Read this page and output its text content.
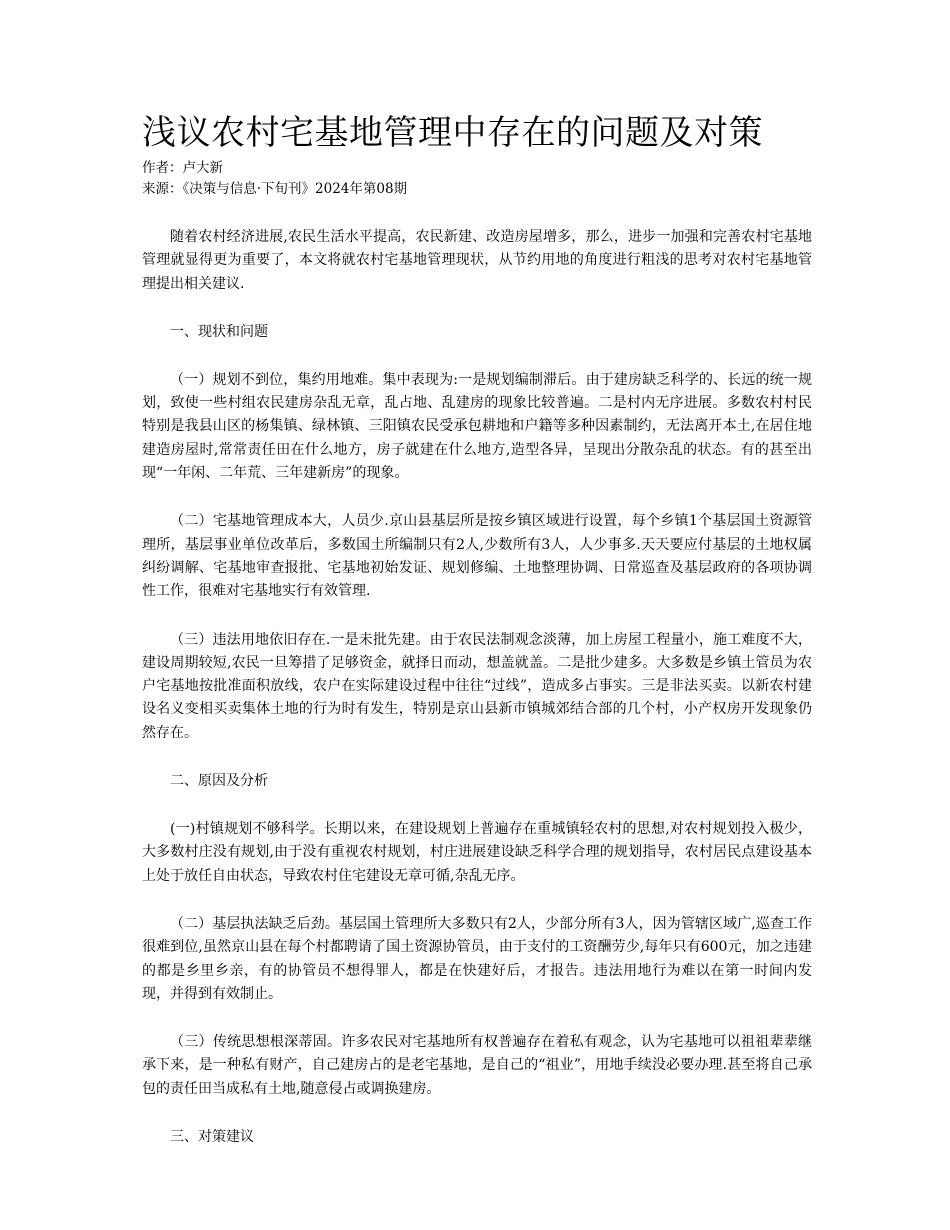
浅议农村宅基地管理中存在的问题及对策

作者：卢大新

来源：《决策与信息·下旬刊》2024年第08期

随着农村经济进展,农民生活水平提高，农民新建、改造房屋增多，那么，进步一加强和完善农村宅基地管理就显得更为重要了，本文将就农村宅基地管理现状，从节约用地的角度进行粗浅的思考对农村宅基地管理提出相关建议.

一、现状和问题

（一）规划不到位，集约用地难。集中表现为:一是规划编制滞后。由于建房缺乏科学的、长远的统一规划，致使一些村组农民建房杂乱无章，乱占地、乱建房的现象比较普遍。二是村内无序进展。多数农村村民特别是我县山区的杨集镇、绿林镇、三阳镇农民受承包耕地和户籍等多种因素制约，无法离开本土,在居住地建造房屋时,常常责任田在什么地方，房子就建在什么地方,造型各异，呈现出分散杂乱的状态。有的甚至出现“一年闲、二年荒、三年建新房”的现象。

（二）宅基地管理成本大，人员少.京山县基层所是按乡镇区域进行设置，每个乡镇1个基层国土资源管理所，基层事业单位改革后，多数国土所编制只有2人,少数所有3人，人少事多.天天要应付基层的土地权属纠纷调解、宅基地审查报批、宅基地初始发证、规划修编、土地整理协调、日常巡查及基层政府的各项协调性工作，很难对宅基地实行有效管理.

（三）违法用地依旧存在.一是未批先建。由于农民法制观念淡薄，加上房屋工程量小，施工难度不大，建设周期较短,农民一旦筹措了足够资金，就择日而动，想盖就盖。二是批少建多。大多数是乡镇土管员为农户宅基地按批准面积放线，农户在实际建设过程中往往“过线”，造成多占事实。三是非法买卖。以新农村建设名义变相买卖集体土地的行为时有发生，特别是京山县新市镇城郊结合部的几个村，小产权房开发现象仍然存在。

二、原因及分析

(一)村镇规划不够科学。长期以来，在建设规划上普遍存在重城镇轻农村的思想,对农村规划投入极少，大多数村庄没有规划,由于没有重视农村规划，村庄进展建设缺乏科学合理的规划指导，农村居民点建设基本上处于放任自由状态，导致农村住宅建设无章可循,杂乱无序。

（二）基层执法缺乏后劲。基层国土管理所大多数只有2人，少部分所有3人，因为管辖区域广,巡查工作很难到位,虽然京山县在每个村都聘请了国土资源协管员，由于支付的工资酬劳少,每年只有600元，加之违建的都是乡里乡亲，有的协管员不想得罪人，都是在快建好后，才报告。违法用地行为难以在第一时间内发现，并得到有效制止。

（三）传统思想根深蒂固。许多农民对宅基地所有权普遍存在着私有观念，认为宅基地可以祖祖辈辈继承下来，是一种私有财产，自己建房占的是老宅基地，是自己的“祖业”，用地手续没必要办理.甚至将自己承包的责任田当成私有土地,随意侵占或调换建房。

三、对策建议
